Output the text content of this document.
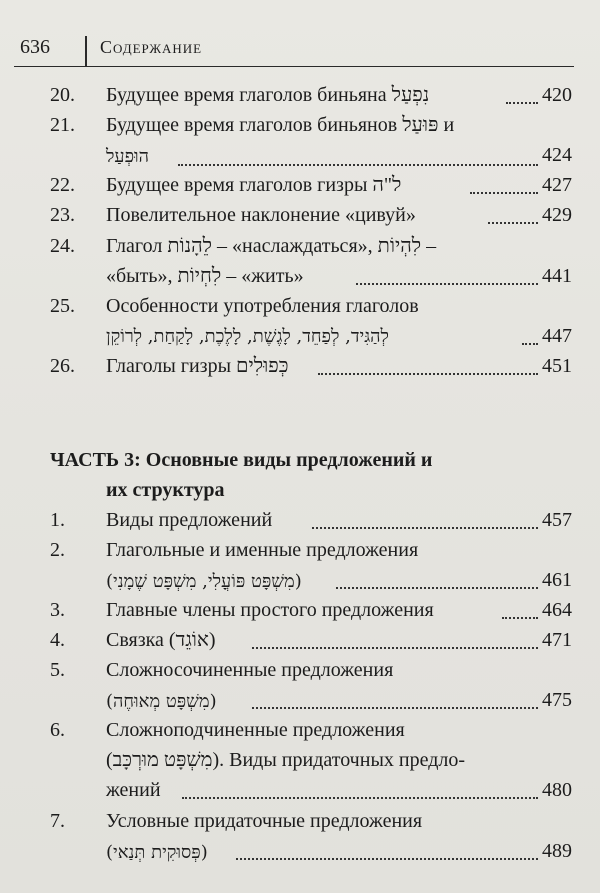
636	Содержание
20. Будущее время глаголов биньяна נִפְעַל	420
21. Будущее время глаголов биньянов פּוּעַל и
הוּפְעַל	424
22. Будущее время глаголов гизры ל"ה	427
23. Повелительное наклонение «цивуй»	429
24. Глагол לֵהָנוֹת – «наслаждаться», לִהְיוֹת –
«быть», לִחְיוֹת – «жить»	441
25. Особенности употребления глаголов
לְהַגִּיד, לְפַחֵד, לָגֶשֶׁת, לָלֶכֶת, לָקַחַת, לְרוֹקֵן	447
26. Глаголы гизры כְּפוּלִים	451
ЧАСТЬ 3: Основные виды предложений и
их структура
1. Виды предложений	457
2. Глагольные и именные предложения
(מִשְׁפָּט פּוֹעֳלִי, מִשְׁפָּט שֶׁמָנִי)	461
3. Главные члены простого предложения	464
4. Связка (אוֹגֵד)	471
5. Сложносочиненные предложения
(מִשְׁפָּט מְאוּחֶה)	475
6. Сложноподчиненные предложения
(מִשְׁפָּט מוּרְכָּב). Виды придаточных предло-
жений	480
7. Условные придаточные предложения
(פְּסוּקִית תְּנַאי)	489
